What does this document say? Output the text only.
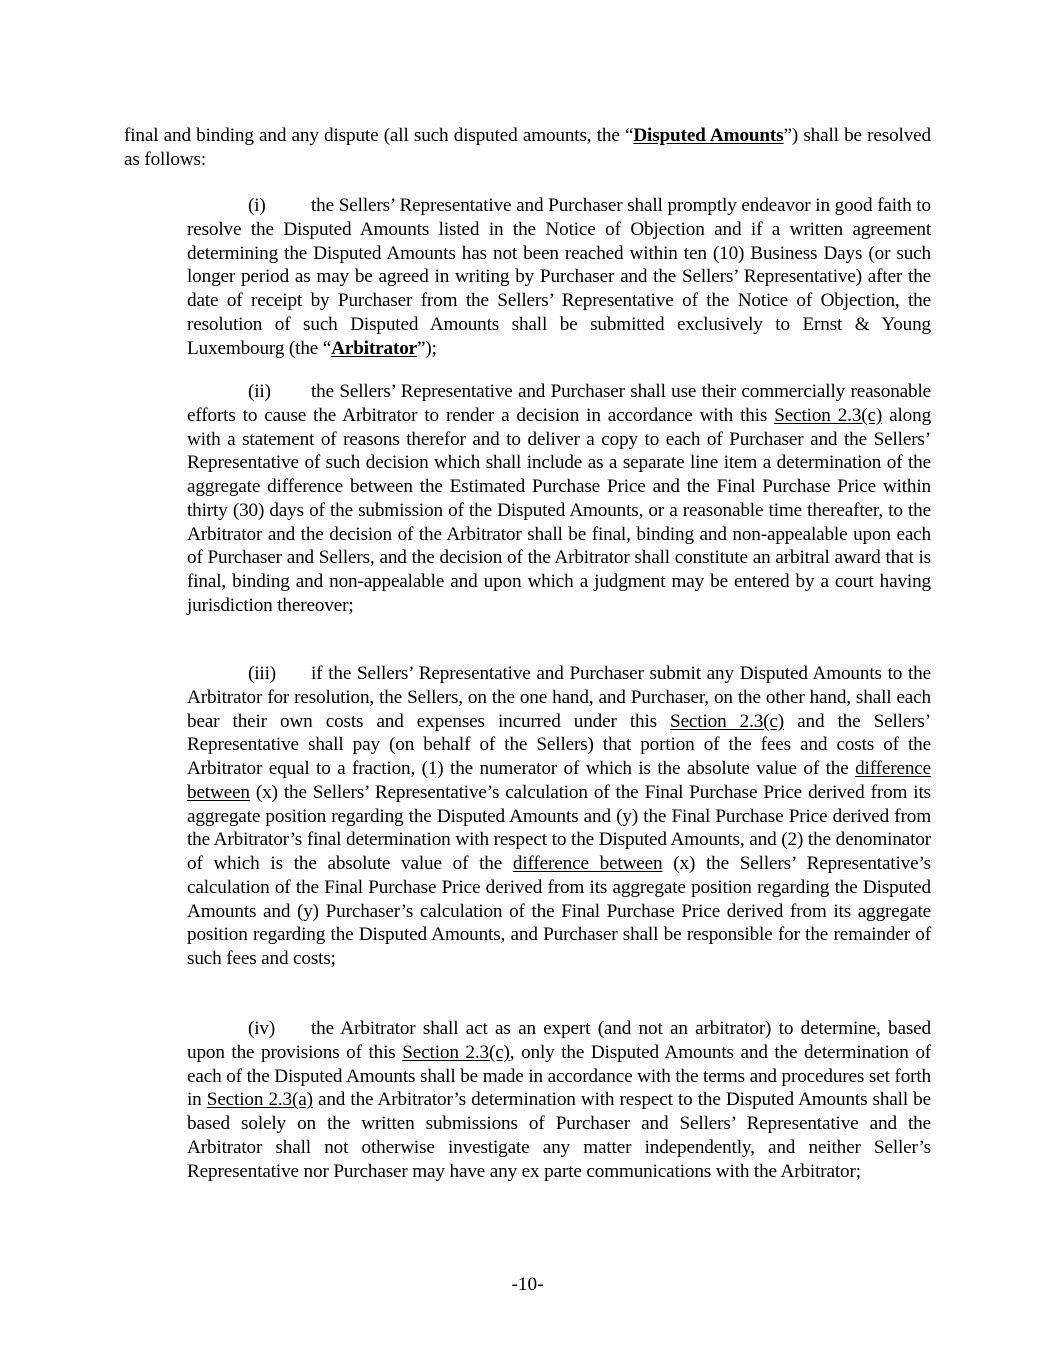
final and binding and any dispute (all such disputed amounts, the “Disputed Amounts”) shall be resolved as follows:

(i) the Sellers’ Representative and Purchaser shall promptly endeavor in good faith to resolve the Disputed Amounts listed in the Notice of Objection and if a written agreement determining the Disputed Amounts has not been reached within ten (10) Business Days (or such longer period as may be agreed in writing by Purchaser and the Sellers’ Representative) after the date of receipt by Purchaser from the Sellers’ Representative of the Notice of Objection, the resolution of such Disputed Amounts shall be submitted exclusively to Ernst & Young Luxembourg (the “Arbitrator”);

(ii) the Sellers’ Representative and Purchaser shall use their commercially reasonable efforts to cause the Arbitrator to render a decision in accordance with this Section 2.3(c) along with a statement of reasons therefor and to deliver a copy to each of Purchaser and the Sellers’ Representative of such decision which shall include as a separate line item a determination of the aggregate difference between the Estimated Purchase Price and the Final Purchase Price within thirty (30) days of the submission of the Disputed Amounts, or a reasonable time thereafter, to the Arbitrator and the decision of the Arbitrator shall be final, binding and non-appealable upon each of Purchaser and Sellers, and the decision of the Arbitrator shall constitute an arbitral award that is final, binding and non-appealable and upon which a judgment may be entered by a court having jurisdiction thereover;

(iii) if the Sellers’ Representative and Purchaser submit any Disputed Amounts to the Arbitrator for resolution, the Sellers, on the one hand, and Purchaser, on the other hand, shall each bear their own costs and expenses incurred under this Section 2.3(c) and the Sellers’ Representative shall pay (on behalf of the Sellers) that portion of the fees and costs of the Arbitrator equal to a fraction, (1) the numerator of which is the absolute value of the difference between (x) the Sellers’ Representative’s calculation of the Final Purchase Price derived from its aggregate position regarding the Disputed Amounts and (y) the Final Purchase Price derived from the Arbitrator’s final determination with respect to the Disputed Amounts, and (2) the denominator of which is the absolute value of the difference between (x) the Sellers’ Representative’s calculation of the Final Purchase Price derived from its aggregate position regarding the Disputed Amounts and (y) Purchaser’s calculation of the Final Purchase Price derived from its aggregate position regarding the Disputed Amounts, and Purchaser shall be responsible for the remainder of such fees and costs;

(iv) the Arbitrator shall act as an expert (and not an arbitrator) to determine, based upon the provisions of this Section 2.3(c), only the Disputed Amounts and the determination of each of the Disputed Amounts shall be made in accordance with the terms and procedures set forth in Section 2.3(a) and the Arbitrator’s determination with respect to the Disputed Amounts shall be based solely on the written submissions of Purchaser and Sellers’ Representative and the Arbitrator shall not otherwise investigate any matter independently, and neither Seller’s Representative nor Purchaser may have any ex parte communications with the Arbitrator;

-10-
